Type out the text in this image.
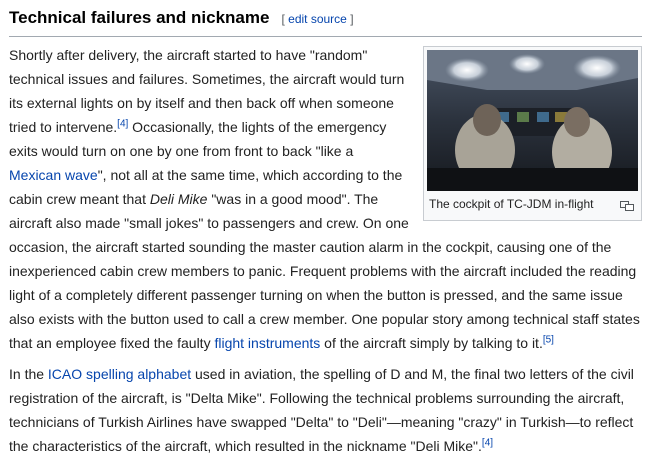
Technical failures and nickname [ edit source ]
The cockpit of TC-JDM in-flight

Shortly after delivery, the aircraft started to have "random" technical issues and failures. Sometimes, the aircraft would turn its external lights on by itself and then back off when someone tried to intervene.[4] Occasionally, the lights of the emergency exits would turn on one by one from front to back "like a Mexican wave", not all at the same time, which according to the cabin crew meant that Deli Mike "was in a good mood". The aircraft also made "small jokes" to passengers and crew. On one occasion, the aircraft started sounding the master caution alarm in the cockpit, causing one of the inexperienced cabin crew members to panic. Frequent problems with the aircraft included the reading light of a completely different passenger turning on when the button is pressed, and the same issue also exists with the button used to call a crew member. One popular story among technical staff states that an employee fixed the faulty flight instruments of the aircraft simply by talking to it.[5]

In the ICAO spelling alphabet used in aviation, the spelling of D and M, the final two letters of the civil registration of the aircraft, is "Delta Mike". Following the technical problems surrounding the aircraft, technicians of Turkish Airlines have swapped "Delta" to "Deli"—meaning "crazy" in Turkish—to reflect the characteristics of the aircraft, which resulted in the nickname "Deli Mike".[4]
